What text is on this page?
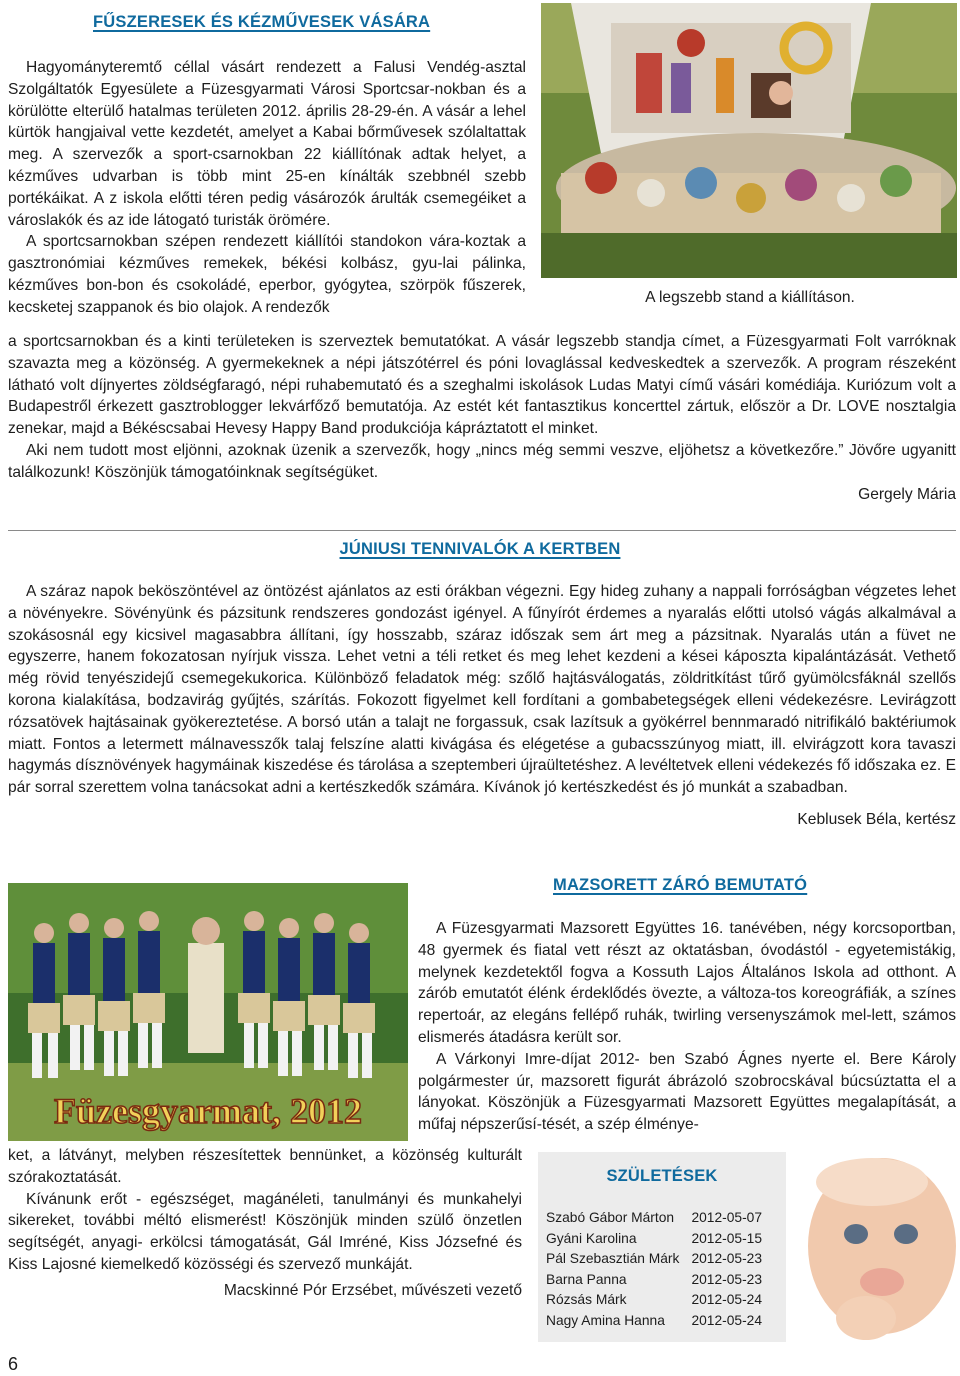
FŰSZERESEK ÉS KÉZMŰVESEK VÁSÁRA

Hagyományteremtő céllal vásárt rendezett a Falusi Vendég-asztal Szolgáltatók Egyesülete a Füzesgyarmati Városi Sportcsar-nokban és a körülötte elterülő hatalmas területen 2012. április 28-29-én. A vásár a lehel kürtök hangjaival vette kezdetét, amelyet a Kabai bőrművesek szólaltattak meg. A szervezők a sport-csarnokban 22 kiállítónak adtak helyet, a kézműves udvarban is több mint 25-en kínálták szebbnél szebb portékáikat. A z iskola előtti téren pedig vásározók árulták csemegéiket a városlakók és az ide látogató turisták örömére.

A sportcsarnokban szépen rendezett kiállítói standokon vára-koztak a gasztronómiai kézműves remekek, békési kolbász, gyu-lai pálinka, kézműves bon-bon és csokoládé, eperbor, gyógytea, szörpök fűszerek, kecsketej szappanok és bio olajok. A rendezők

A legszebb stand a kiállításon.

a sportcsarnokban és a kinti területeken is szerveztek bemutatókat. A vásár legszebb standja címet, a Füzesgyarmati Folt varróknak szavazta meg a közönség. A gyermekeknek a népi játszótérrel és póni lovaglással kedveskedtek a szervezők. A program részeként látható volt díjnyertes zöldségfaragó, népi ruhabemutató és a szeghalmi iskolások Ludas Matyi című vásári komédiája. Kuriózum volt a Budapestről érkezett gasztroblogger lekvárfőző bemutatója. Az estét két fantasztikus koncerttel zártuk, először a Dr. LOVE nosztalgia zenekar, majd a Békéscsabai Hevesy Happy Band produkciója kápráztatott el minket.

Aki nem tudott most eljönni, azoknak üzenik a szervezők, hogy „nincs még semmi veszve, eljöhetsz a következőre.” Jövőre ugyanitt találkozunk! Köszönjük támogatóinknak segítségüket.

Gergely Mária

JÚNIUSI TENNIVALÓK A KERTBEN

A száraz napok beköszöntével az öntözést ajánlatos az esti órákban végezni. Egy hideg zuhany a nappali forróságban végzetes lehet a növényekre. Sövényünk és pázsitunk rendszeres gondozást igényel. A fűnyírót érdemes a nyaralás előtti utolsó vágás alkalmával a szokásosnál egy kicsivel magasabbra állítani, így hosszabb, száraz időszak sem árt meg a pázsitnak. Nyaralás után a füvet ne egyszerre, hanem fokozatosan nyírjuk vissza. Lehet vetni a téli retket és meg lehet kezdeni a kései káposzta kipalántázását. Vethető még rövid tenyészidejű csemegekukorica. Különböző feladatok még: szőlő hajtásválogatás, zöldritkítást tűrő gyümölcsfáknál szellős korona kialakítása, bodzavirág gyűjtés, szárítás. Fokozott figyelmet kell fordítani a gombabetegségek elleni védekezésre. Levirágzott rózsatövek hajtásainak gyökereztetése. A borsó után a talajt ne forgassuk, csak lazítsuk a gyökérrel bennmaradó nitrifikáló baktériumok miatt. Fontos a letermett málnavesszők talaj felszíne alatti kivágása és elégetése a gubacsszúnyog miatt, ill. elvirágzott kora tavaszi hagymás dísznövények hagymáinak kiszedése és tárolása a szeptemberi újraültetéshez. A levéltetvek elleni védekezés fő időszaka ez. E pár sorral szerettem volna tanácsokat adni a kertészkedők számára. Kívánok jó kertészkedést és jó munkát a szabadban.

Keblusek Béla, kertész

MAZSORETT ZÁRÓ BEMUTATÓ
Füzesgyarmat, 2012

A Füzesgyarmati Mazsorett Együttes 16. tanévében, négy korcsoportban, 48 gyermek és fiatal vett részt az oktatásban, óvodástól - egyetemistákig, melynek kezdetektől fogva a Kossuth Lajos Általános Iskola ad otthont. A zárób emutatót élénk érdeklődés övezte, a változa-tos koreográfiák, a színes repertoár, az elegáns fellépő ruhák, twirling versenyszámok mel-lett, számos elismerés átadásra került sor.

A Várkonyi Imre-díjat 2012- ben Szabó Ágnes nyerte el. Bere Károly polgármester úr, mazsorett figurát ábrázoló szobrocskával búcsúztatta el a lányokat. Köszönjük a Füzesgyarmati Mazsorett Együttes megalapítását, a műfaj népszerűsí-tését, a szép élménye-

ket, a látványt, melyben részesítettek bennünket, a közönség kulturált szórakoztatását.

Kívánunk erőt - egészséget, magánéleti, tanulmányi és munkahelyi sikereket, további méltó elismerést! Köszönjük minden szülő önzetlen segítségét, anyagi- erkölcsi támogatását, Gál Imréné, Kiss Józsefné és Kiss Lajosné kiemelkedő közösségi és szervező munkáját.

Macskinné Pór Erzsébet, művészeti vezető

SZÜLETÉSEK
Szabó Gábor Márton	2012-05-07
Gyáni Karolina	2012-05-15
Pál Szebasztián Márk	2012-05-23
Barna Panna	2012-05-23
Rózsás Márk	2012-05-24
Nagy Amina Hanna	2012-05-24
6
